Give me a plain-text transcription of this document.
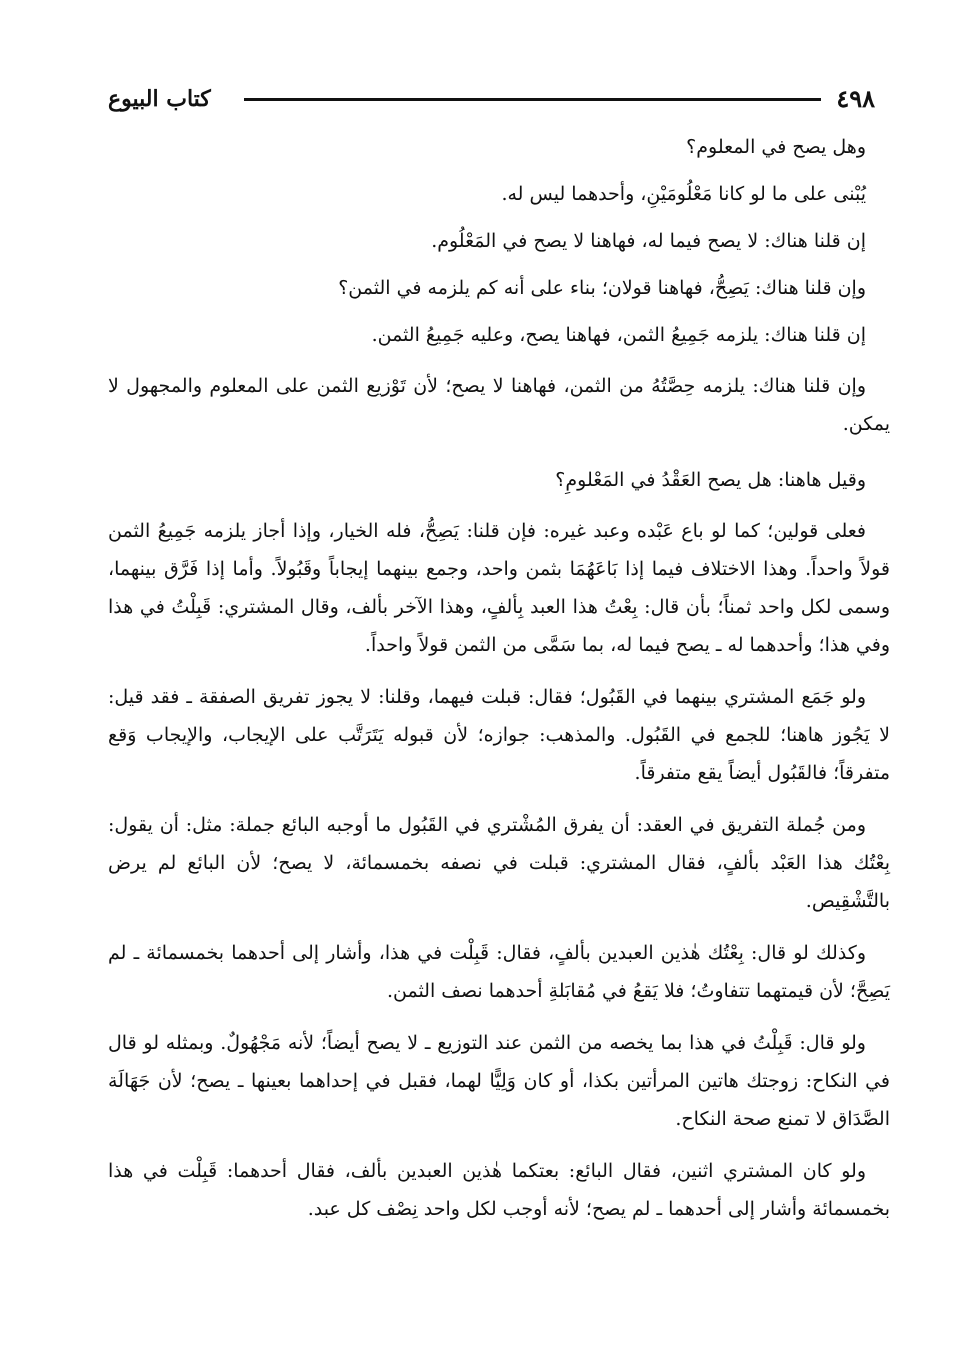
٤٩٨
كتاب البيوع

وهل يصح في المعلوم؟

يُبْنى على ما لو كانا مَعْلُومَيْنِ، وأحدهما ليس له.

إن قلنا هناك: لا يصح فيما له، فهاهنا لا يصح في المَعْلُوم.

وإن قلنا هناك: يَصِحُّ، فهاهنا قولان؛ بناء على أنه كم يلزمه في الثمن؟

إن قلنا هناك: يلزمه جَمِيعُ الثمن، فهاهنا يصح، وعليه جَمِيعُ الثمن.

وإن قلنا هناك: يلزمه حِصَّتُهُ من الثمن، فهاهنا لا يصح؛ لأن تَوْزيع الثمن على المعلوم والمجهول لا يمكن.

وقيل هاهنا: هل يصح العَقْدُ في المَعْلومِ؟

فعلى قولين؛ كما لو باع عَبْده وعبد غيره: فإن قلنا: يَصِحُّ، فله الخيار، وإذا أجاز يلزمه جَمِيعُ الثمن قولاً واحداً. وهذا الاختلاف فيما إذا بَاعَهُمَا بثمن واحد، وجمع بينهما إيجاباً وقَبُولاً. وأما إذا فَرَّق بينهما، وسمى لكل واحد ثمناً؛ بأن قال: بِعْتُ هذا العبد بِألفٍ، وهذا الآخر بألف، وقال المشتري: قَبِلْتُ في هذا وفي هذا؛ وأحدهما له ـ يصح فيما له، بما سَمَّى من الثمن قولاً واحداً.

ولو جَمَع المشتري بينهما في القَبُول؛ فقال: قبلت فيهما، وقلنا: لا يجوز تفريق الصفقة ـ فقد قيل: لا يَجُوز هاهنا؛ للجمع في القَبُول. والمذهب: جوازه؛ لأن قبوله يَتَرَتَّب على الإيجاب، والإيجاب وَقع متفرقاً؛ فالقَبُول أيضاً يقع متفرقاً.

ومن جُملة التفريق في العقد: أن يفرق المُشْتري في القَبُول ما أوجبه البائع جملة: مثل: أن يقول: بِعْتُك هذا العَبْد بألفٍ، فقال المشتري: قبلت في نصفه بخمسمائة، لا يصح؛ لأن البائع لم يرض بالتَّشْقِيص.

وكذلك لو قال: بِعْتُك هٰذين العبدين بألفٍ، فقال: قَبِلْت في هذا، وأشار إلى أحدهما بخمسمائة ـ لم يَصِحَّ؛ لأن قيمتهما تتفاوتُ؛ فلا يَقعُ في مُقابَلةِ أحدهما نصف الثمن.

ولو قال: قَبِلْتُ في هذا بما يخصه من الثمن عند التوزيع ـ لا يصح أيضاً؛ لأنه مَجْهُولٌ. وبمثله لو قال في النكاح: زوجتك هاتين المرأتين بكذا، أو كان وَلِيًّا لهما، فقبل في إحداهما بعينها ـ يصح؛ لأن جَهَالَة الصَّدَاق لا تمنع صحة النكاح.

ولو كان المشتري اثنين، فقال البائع: بعتكما هٰذين العبدين بألف، فقال أحدهما: قَبِلْت في هذا بخمسمائة وأشار إلى أحدهما ـ لم يصح؛ لأنه أوجب لكل واحد نِصْف كل عبد.
